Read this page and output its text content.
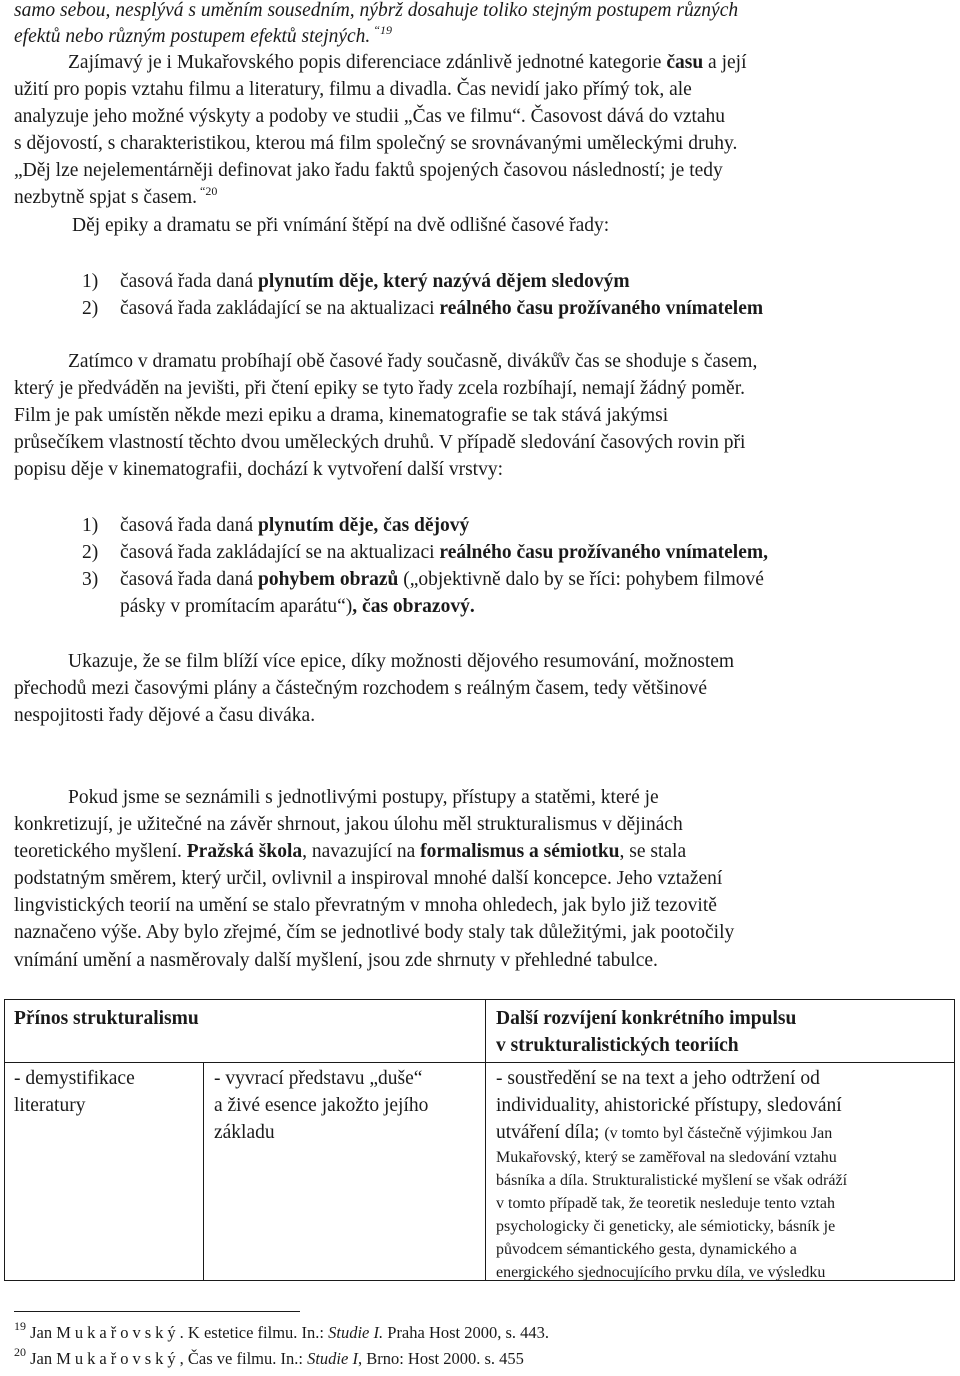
samo sebou, nesplývá s uměním sousedním, nýbrž dosahuje toliko stejným postupem různých
efektů nebo různým postupem efektů stejných. $^{“19}$
Zajímavý je i Mukařovského popis diferenciace zdánlivě jednotné kategorie času a její
užití pro popis vztahu filmu a literatury, filmu a divadla. Čas nevidí jako přímý tok, ale
analyzuje jeho možné výskyty a podoby ve studii „Čas ve filmu“. Časovost dává do vztahu
s dějovostí, s charakteristikou, kterou má film společný se srovnávanými uměleckými druhy.
„Děj lze nejelementárněji definovat jako řadu faktů spojených časovou následností; je tedy
nezbytně spjat s časem. $^{“20}$
Děj epiky a dramatu se při vnímání štěpí na dvě odlišné časové řady:
1) časová řada daná plynutím děje, který nazývá dějem sledovým
2) časová řada zakládající se na aktualizaci reálného času prožívaného vnímatelem
Zatímco v dramatu probíhají obě časové řady současně, diváků̊v čas se shoduje s časem,
který je předváděn na jevišti, při čtení epiky se tyto řady zcela rozbíhají, nemají žádný poměr.
Film je pak umístěn někde mezi epiku a drama, kinematografie se tak stává jakýmsi
průsečíkem vlastností těchto dvou uměleckých druhů. V případě sledování časových rovin při
popisu děje v kinematografii, dochází k vytvoření další vrstvy:
1) časová řada daná plynutím děje, čas dějový
2) časová řada zakládající se na aktualizaci reálného času prožívaného vnímatelem,
3) časová řada daná pohybem obrazů („objektivně dalo by se říci: pohybem filmové
pásky v promítacím aparátu“), čas obrazový.
Ukazuje, že se film blíží více epice, díky možnosti dějového resumování, možnostem
přechodů mezi časovými plány a částečným rozchodem s reálným časem, tedy většinové
nespojitosti řady dějové a času diváka.
Pokud jsme se seznámili s jednotlivými postupy, přístupy a statěmi, které je
konkretizují, je užitečné na závěr shrnout, jakou úlohu měl strukturalismus v dějinách
teoretického myšlení. Pražská škola, navazující na formalismus a sémiotku, se stala
podstatným směrem, který určil, ovlivnil a inspiroval mnohé další koncepce. Jeho vztažení
lingvistických teorií na umění se stalo převratným v mnoha ohledech, jak bylo již tezovitě
naznačeno výše. Aby bylo zřejmé, čím se jednotlivé body staly tak důležitými, jak pootočily
vnímání umění a nasměrovaly další myšlení, jsou zde shrnuty v přehledné tabulce.
Přínos strukturalismu	Další rozvíjení konkrétního impulsu
v strukturalistických teoriích
- demystifikace
literatury
- vyvrací představu „duše“
a živé esence jakožto jejího
základu
- soustředění se na text a jeho odtržení od
individuality, ahistorické přístupy, sledování
utváření díla; (v tomto byl částečně výjimkou Jan
Mukařovský, který se zaměřoval na sledování vztahu
básníka a díla. Strukturalistické myšlení se však odráží
v tomto případě tak, že teoretik nesleduje tento vztah
psychologicky či geneticky, ale sémioticky, básník je
původcem sémantického gesta, dynamického a
energického sjednocujícího prvku díla, ve výsledku
$^{19}$ Jan Mukařovský. K estetice filmu. In.: Studie I. Praha Host 2000, s. 443.
$^{20}$ Jan Mukařovský, Čas ve filmu. In.: Studie I, Brno: Host 2000. s. 455
